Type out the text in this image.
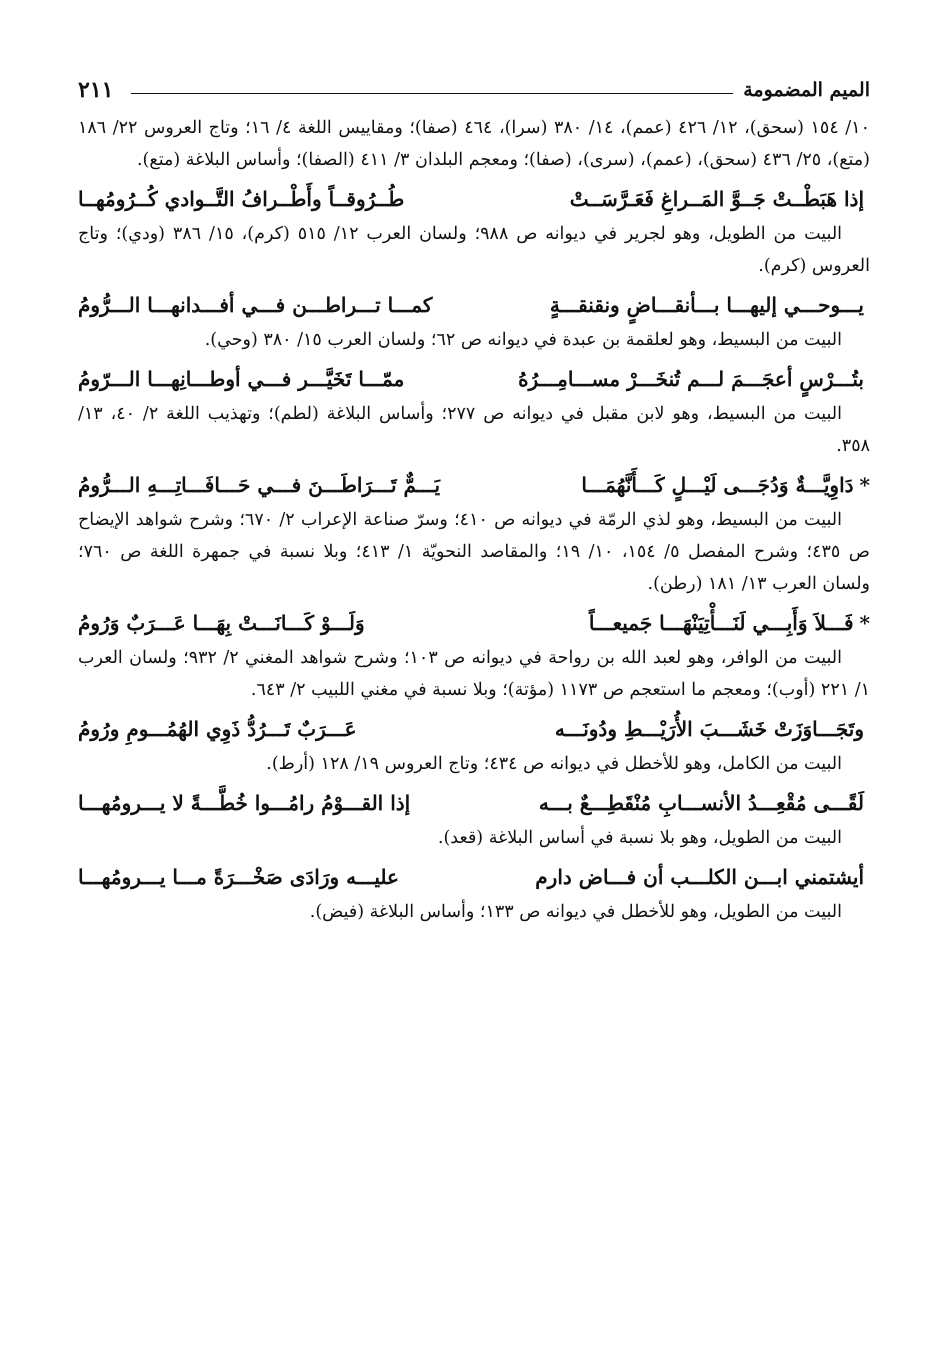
الميم المضمومة
٢١١
١٠/ ١٥٤ (سحق)، ١٢/ ٤٢٦ (عمم)، ١٤/ ٣٨٠ (سرا)، ٤٦٤ (صفا)؛ ومقاييس اللغة ٤/ ١٦؛ وتاج العروس ٢٢/ ١٨٦ (متع)، ٢٥/ ٤٣٦ (سحق)، (عمم)، (سرى)، (صفا)؛ ومعجم البلدان ٣/ ٤١١ (الصفا)؛ وأساس البلاغة (متع).
إذا هَبَطْــتْ جَــوَّ المَــراغِ فَعَـرَّسَــتْ
طُــرُوقــاً وأَطْــرافُ التَّــوادي كُــرُومُهــا
البيت من الطويل، وهو لجرير في ديوانه ص ٩٨٨؛ ولسان العرب ١٢/ ٥١٥ (كرم)، ١٥/ ٣٨٦ (ودي)؛ وتاج العروس (كرم).
يـــوحـــي إليهـــا بـــأنقـــاضٍ ونقنقـــةٍ
كمـــا تـــراطـــن فـــي أفـــدانهـــا الـــرُّومُ
البيت من البسيط، وهو لعلقمة بن عبدة في ديوانه ص ٦٢؛ ولسان العرب ١٥/ ٣٨٠ (وحي).
بتُـــرْسٍ أعجَـــمَ لـــم تُنخَـــرْ مســـامِـــرُهُ
ممّـــا تَخَيَّـــر فـــي أوطـــانِهـــا الـــرّومُ
البيت من البسيط، وهو لابن مقبل في ديوانه ص ٢٧٧؛ وأساس البلاغة (لطم)؛ وتهذيب اللغة ٢/ ٤٠، ١٣/ ٣٥٨.
*دَاوِيَّـــةٌ وَدُجَـــى لَيْـــلٍ كَـــأَنَّهُمَـــا
يَـــمٌّ تَـــرَاطَـــنَ فـــي حَـــافَـــاتِـــهِ الـــرُّومُ
البيت من البسيط، وهو لذي الرمّة في ديوانه ص ٤١٠؛ وسرّ صناعة الإعراب ٢/ ٦٧٠؛ وشرح شواهد الإيضاح ص ٤٣٥؛ وشرح المفصل ٥/ ١٥٤، ١٠/ ١٩؛ والمقاصد النحويّة ١/ ٤١٣؛ وبلا نسبة في جمهرة اللغة ص ٧٦٠؛ ولسان العرب ١٣/ ١٨١ (رطن).
*فَـــلاَ وَأَبِـــي لَنَـــأْتِيَنْهَـــا جَميعـــاً
وَلَـــوْ كَـــانَـــتْ بِهَـــا عَـــرَبٌ وَرُومُ
البيت من الوافر، وهو لعبد الله بن رواحة في ديوانه ص ١٠٣؛ وشرح شواهد المغني ٢/ ٩٣٢؛ ولسان العرب ١/ ٢٢١ (أوب)؛ ومعجم ما استعجم ص ١١٧٣ (مؤتة)؛ وبلا نسبة في مغني اللبيب ٢/ ٦٤٣.
وتَجَـــاوَزَتْ خَشَـــبَ الأُرَيْـــطِ ودُونَـــه
عَـــرَبٌ تَـــرُدُّ ذَوِي الهُمُـــومِ ورُومُ
البيت من الكامل، وهو للأخطل في ديوانه ص ٤٣٤؛ وتاج العروس ١٩/ ١٢٨ (أرط).
لَقًـــى مُقْعِـــدُ الأنســـابِ مُنْقَطِـــعٌ بـــه
إذا القـــوْمُ رامُـــوا خُطَّـــةً لا يـــرومُهـــا
البيت من الطويل، وهو بلا نسبة في أساس البلاغة (قعد).
أيشتمني ابـــن الكلـــب أن فـــاض دارم
عليـــه ورَادَى صَخْـــرَةً مـــا يـــرومُهـــا
البيت من الطويل، وهو للأخطل في ديوانه ص ١٣٣؛ وأساس البلاغة (فيض).
